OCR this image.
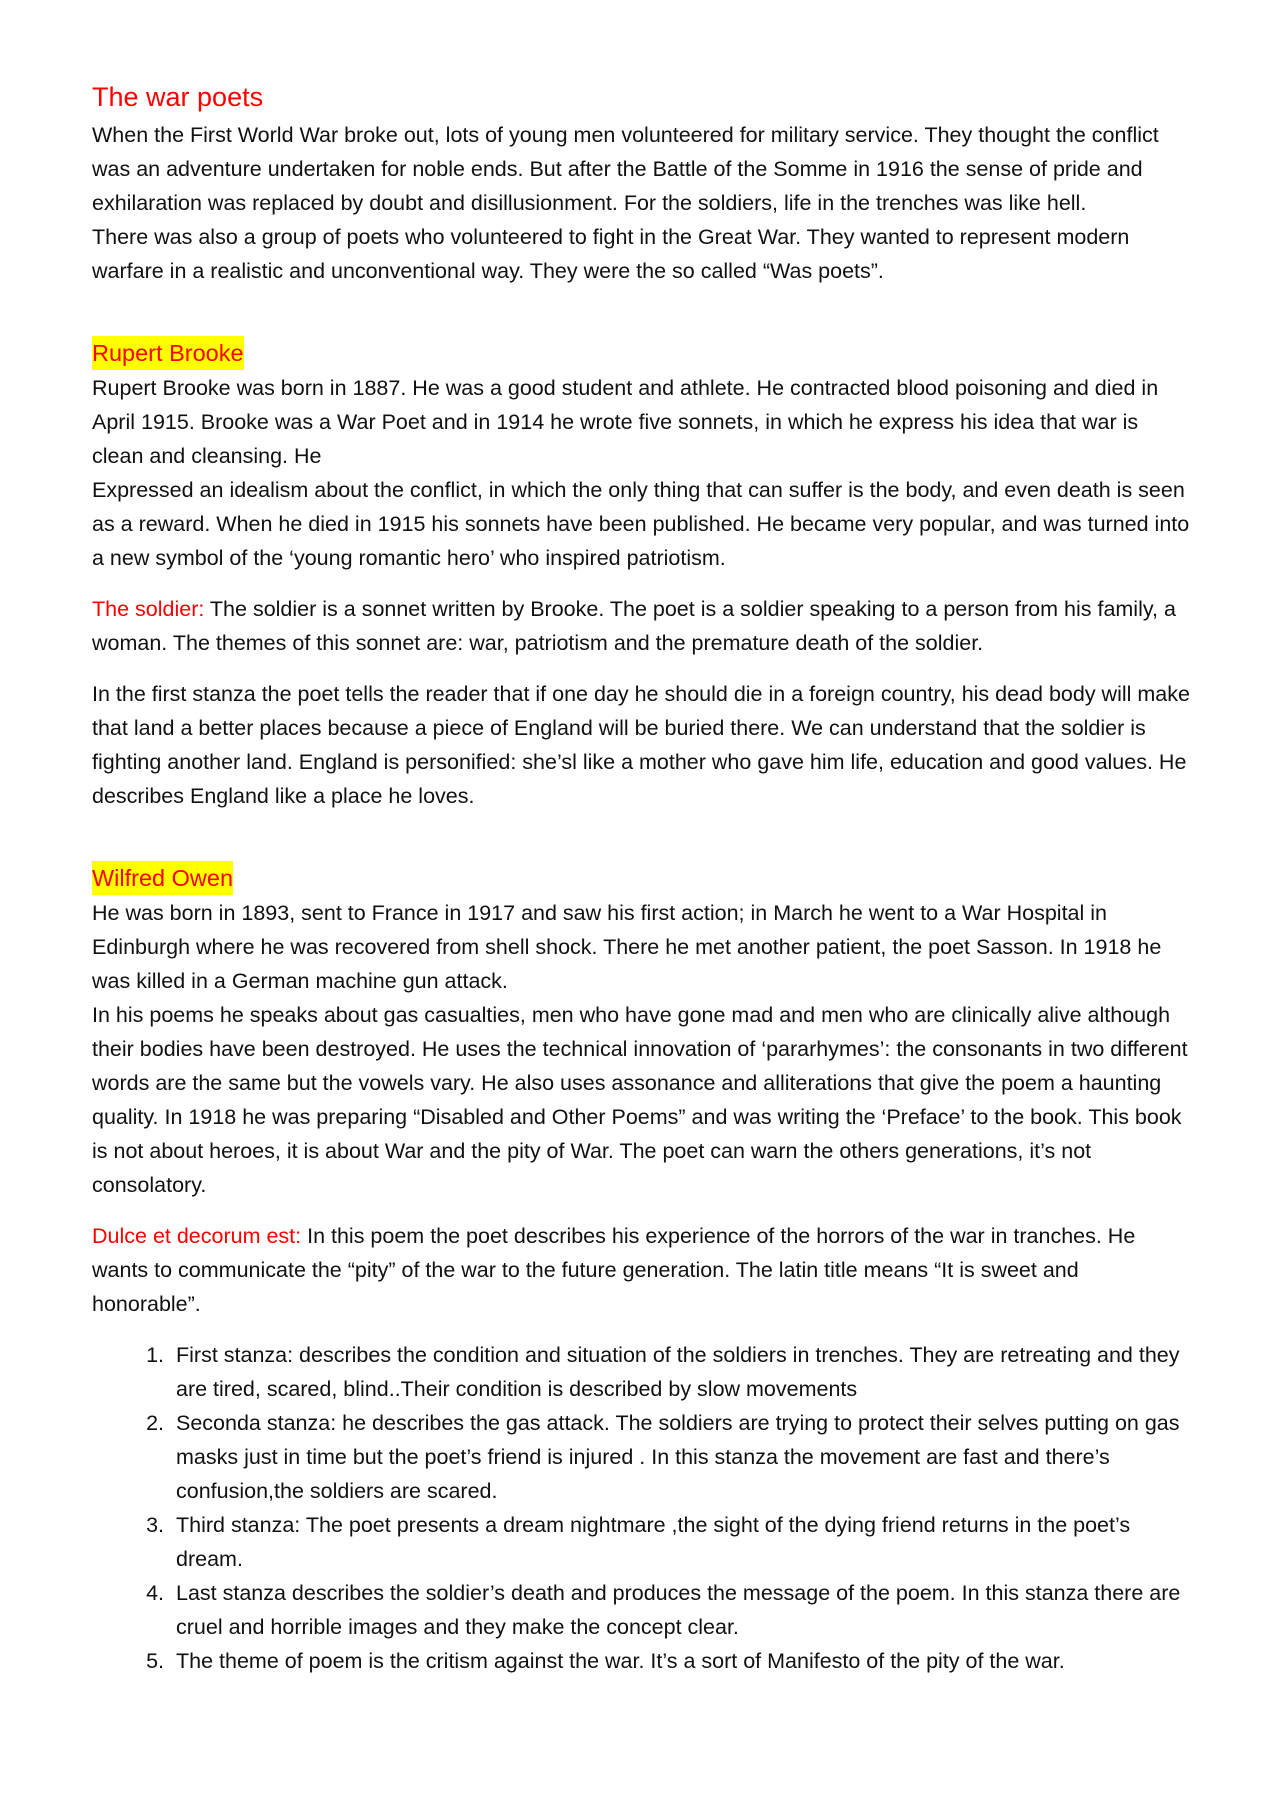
The war poets

When the First World War broke out, lots of young men volunteered for military service. They thought the conflict was an adventure undertaken for noble ends. But after the Battle of the Somme in 1916 the sense of pride and exhilaration was replaced by doubt and disillusionment. For the soldiers, life in the trenches was like hell.

There was also a group of poets who volunteered to fight in the Great War. They wanted to represent modern warfare in a realistic and unconventional way. They were the so called “Was poets”.

Rupert Brooke

Rupert Brooke was born in 1887. He was a good student and athlete. He contracted blood poisoning and died in April 1915. Brooke was a War Poet and in 1914 he wrote five sonnets, in which he express his idea that war is clean and cleansing. He

Expressed an idealism about the conflict, in which the only thing that can suffer is the body, and even death is seen as a reward. When he died in 1915 his sonnets have been published. He became very popular, and was turned into a new symbol of the ‘young romantic hero’ who inspired patriotism.

The soldier: The soldier is a sonnet written by Brooke. The poet is a soldier speaking to a person from his family, a woman. The themes of this sonnet are: war, patriotism and the premature death of the soldier.

In the first stanza the poet tells the reader that if one day he should die in a foreign country, his dead body will make that land a better places because a piece of England will be buried there. We can understand that the soldier is fighting another land. England is personified: she’sl like a mother who gave him life, education and good values. He describes England like a place he loves.

Wilfred Owen

He was born in 1893, sent to France in 1917 and saw his first action; in March he went to a War Hospital in Edinburgh where he was recovered from shell shock. There he met another patient, the poet Sasson. In 1918 he was killed in a German machine gun attack.

In his poems he speaks about gas casualties, men who have gone mad and men who are clinically alive although their bodies have been destroyed. He uses the technical innovation of ‘pararhymes’: the consonants in two different words are the same but the vowels vary. He also uses assonance and alliterations that give the poem a haunting quality. In 1918 he was preparing “Disabled and Other Poems” and was writing the ‘Preface’ to the book. This book is not about heroes, it is about War and the pity of War. The poet can warn the others generations, it’s not consolatory.

Dulce et decorum est: In this poem the poet describes his experience of the horrors of the war in tranches. He wants to communicate the “pity” of the war to the future generation. The latin title means “It is sweet and honorable”.

1. First stanza: describes the condition and situation of the soldiers in trenches. They are retreating and they are tired, scared, blind..Their condition is described by slow movements
2. Seconda stanza: he describes the gas attack. The soldiers are trying to protect their selves putting on gas masks just in time but the poet’s friend is injured . In this stanza the movement are fast and there’s confusion,the soldiers are scared.
3. Third stanza: The poet presents a dream nightmare ,the sight of the dying friend returns in the poet’s dream.
4. Last stanza describes the soldier’s death and produces the message of the poem. In this stanza there are cruel and horrible images and they make the concept clear.
5. The theme of poem is the critism against the war. It’s a sort of Manifesto of the pity of the war.
